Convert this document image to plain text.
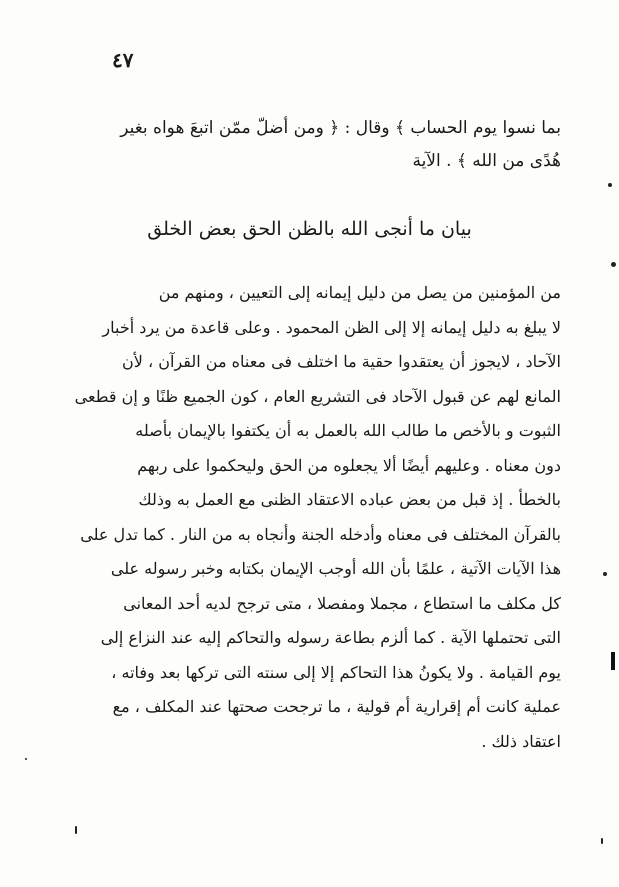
٤٧
بما نسوا يوم الحساب ﴾ وقال : ﴿ ومن أضلّ ممّن اتبعَ هواه بغير
هُدًى من الله ﴾ . الآية
بيان ما أنجى الله بالظن الحق بعض الخلق
من المؤمنين من يصل من دليل إيمانه إلى التعيين ، ومنهم من
لا يبلغ به دليل إيمانه إلا إلى الظن المحمود . وعلى قاعدة من يرد أخبار
الآحاد ، لايجوز أن يعتقدوا حقية ما اختلف فى معناه من القرآن ، لأن
المانع لهم عن قبول الآحاد فى التشريع العام ، كون الجميع ظنًا و إن قطعى
الثبوت و بالأخص ما طالب الله بالعمل به أن يكتفوا بالإيمان بأصله
دون معناه . وعليهم أيضًا ألا يجعلوه من الحق وليحكموا على ربهم
بالخطأ . إذ قبل من بعض عباده الاعتقاد الظنى مع العمل به وذلك
بالقرآن المختلف فى معناه وأدخله الجنة وأنجاه به من النار . كما تدل على
هذا الآيات الآتية ، علمًا بأن الله أوجب الإيمان بكتابه وخبر رسوله على
كل مكلف ما استطاع ، مجملا ومفصلا ، متى ترجح لديه أحد المعانى
التى تحتملها الآية . كما ألزم بطاعة رسوله والتحاكم إليه عند النزاع إلى
يوم القيامة . ولا يكونُ هذا التحاكم إلا إلى سنته التى تركها بعد وفاته ،
عملية كانت أم إقرارية أم قولية ، ما ترجحت صحتها عند المكلف ، مع
اعتقاد ذلك .
